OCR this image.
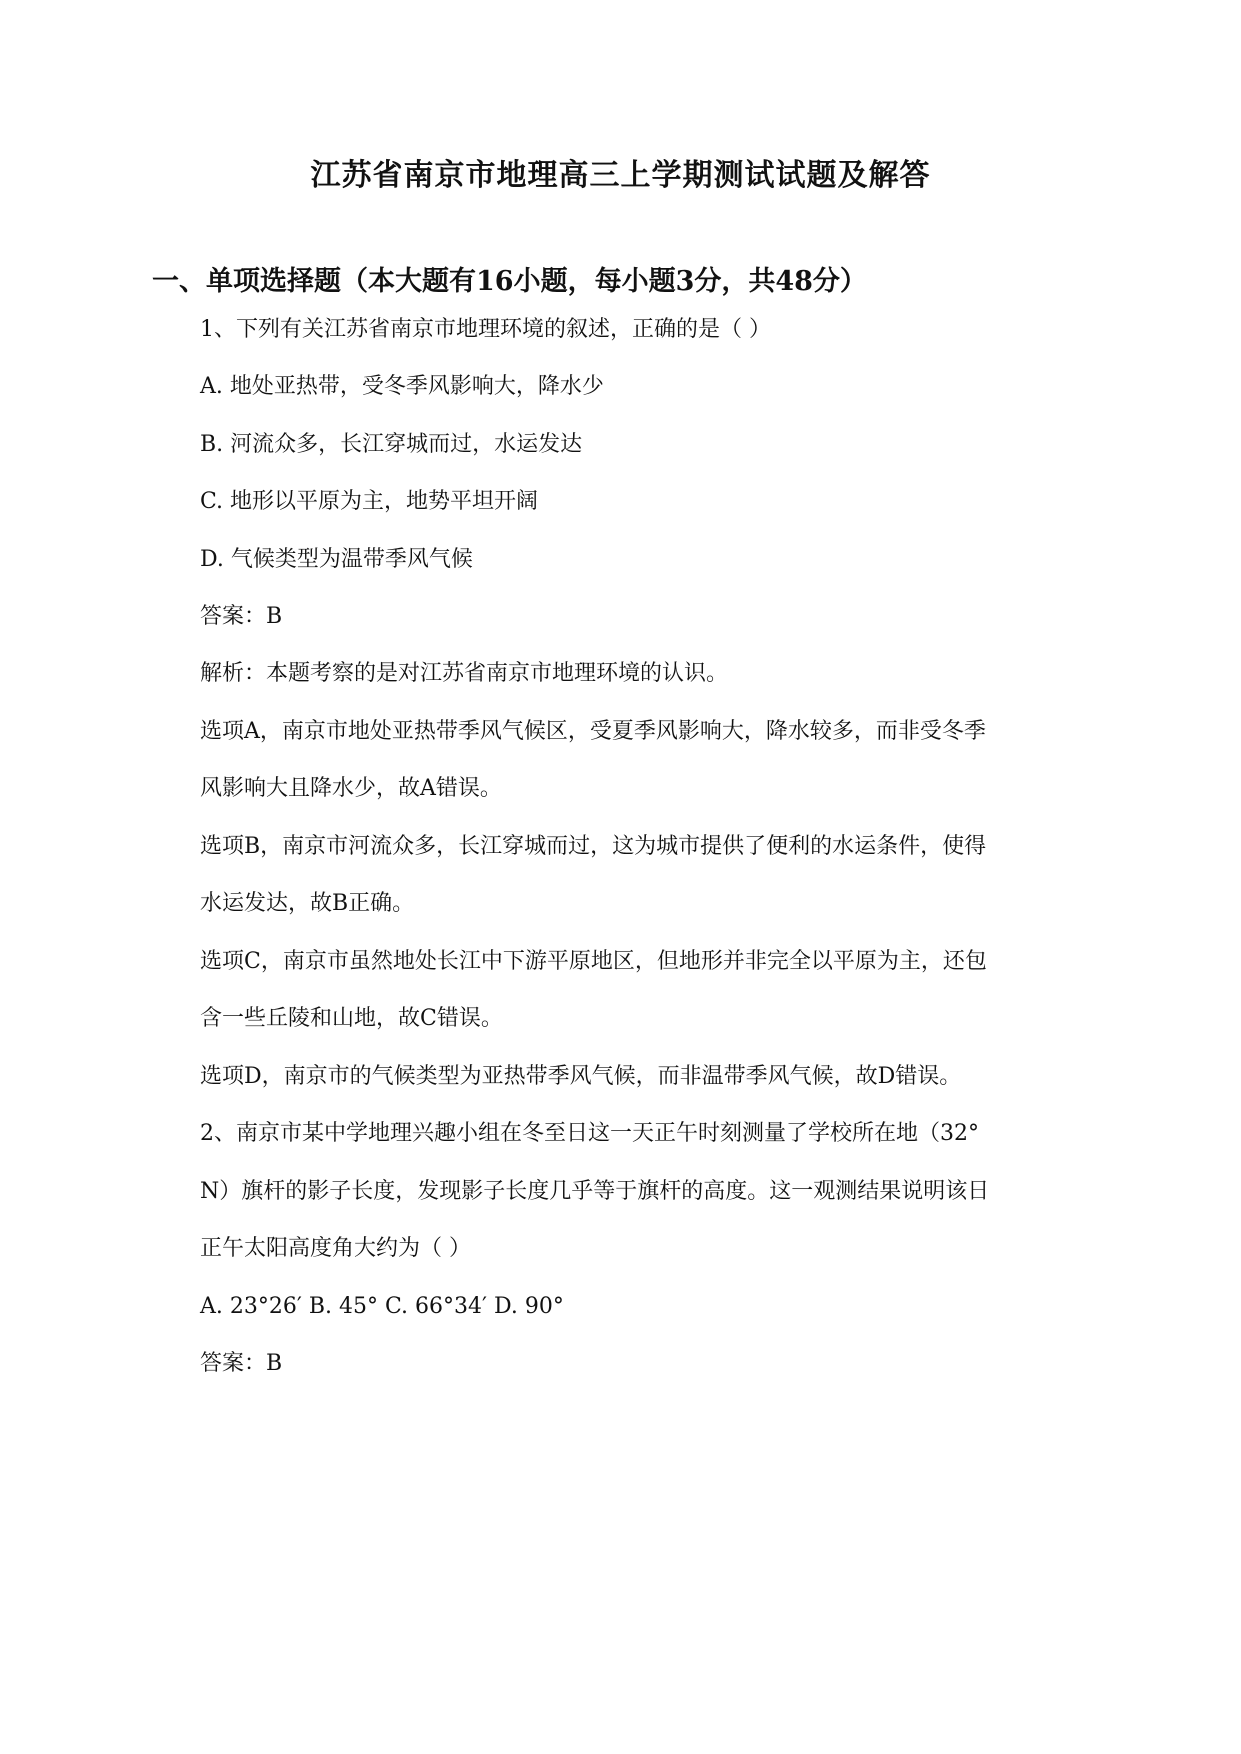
江苏省南京市地理高三上学期测试试题及解答
一、单项选择题（本大题有16小题，每小题3分，共48分）
1、下列有关江苏省南京市地理环境的叙述，正确的是（ ）
A. 地处亚热带，受冬季风影响大，降水少
B. 河流众多，长江穿城而过，水运发达
C. 地形以平原为主，地势平坦开阔
D. 气候类型为温带季风气候
答案：B
解析：本题考察的是对江苏省南京市地理环境的认识。
选项A，南京市地处亚热带季风气候区，受夏季风影响大，降水较多，而非受冬季
风影响大且降水少，故A错误。
选项B，南京市河流众多，长江穿城而过，这为城市提供了便利的水运条件，使得
水运发达，故B正确。
选项C，南京市虽然地处长江中下游平原地区，但地形并非完全以平原为主，还包
含一些丘陵和山地，故C错误。
选项D，南京市的气候类型为亚热带季风气候，而非温带季风气候，故D错误。
2、南京市某中学地理兴趣小组在冬至日这一天正午时刻测量了学校所在地（32°
N）旗杆的影子长度，发现影子长度几乎等于旗杆的高度。这一观测结果说明该日
正午太阳高度角大约为（ ）
A. 23°26′ B. 45° C. 66°34′ D. 90°
答案：B
